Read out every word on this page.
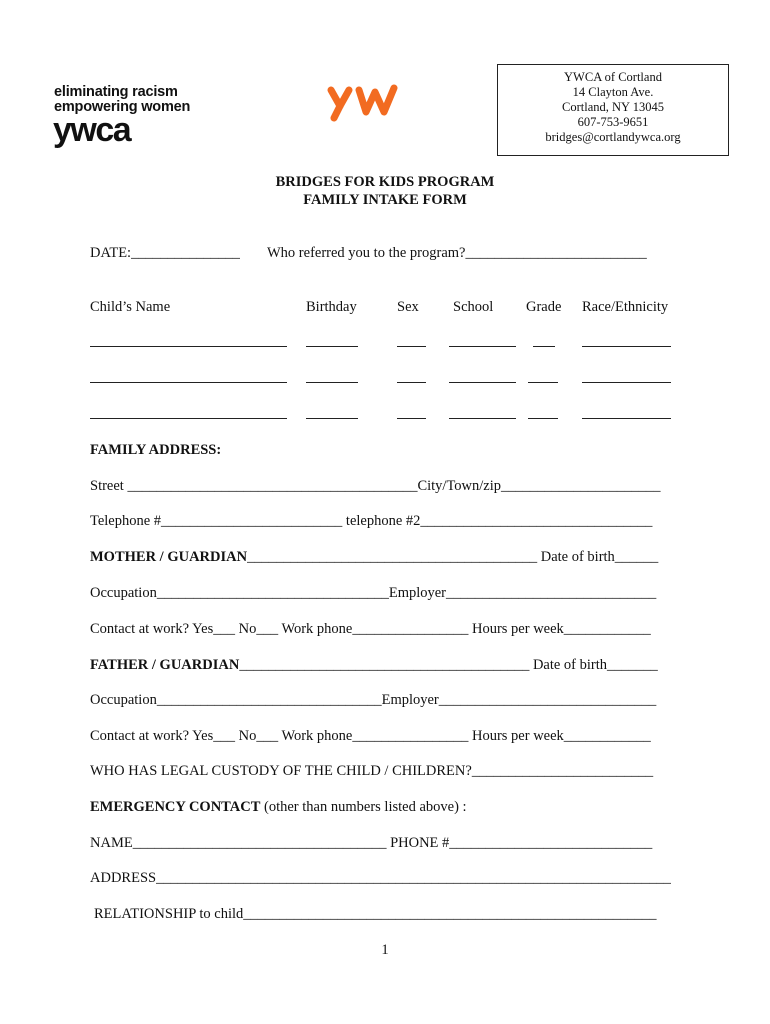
eliminating racism
empowering women
ywca
YWCA of Cortland
14 Clayton Ave.
Cortland, NY 13045
607-753-9651
bridges@cortlandywca.org
BRIDGES FOR KIDS PROGRAM
FAMILY INTAKE FORM
DATE:_______________ Who referred you to the program?_________________________
Child’s Name	Birthday	Sex School Grade Race/Ethnicity
FAMILY ADDRESS:
Street ________________________________________City/Town/zip______________________
Telephone #_________________________ telephone #2________________________________
MOTHER / GUARDIAN________________________________________ Date of birth______
Occupation________________________________Employer_____________________________
Contact at work? Yes___ No___ Work phone________________ Hours per week____________
FATHER / GUARDIAN________________________________________ Date of birth_______
Occupation_______________________________Employer______________________________
Contact at work? Yes___ No___ Work phone________________ Hours per week____________
WHO HAS LEGAL CUSTODY OF THE CHILD / CHILDREN?_________________________
EMERGENCY CONTACT (other than numbers listed above) :
NAME___________________________________ PHONE #____________________________
ADDRESS_______________________________________________________________________
RELATIONSHIP to child_________________________________________________________
1
